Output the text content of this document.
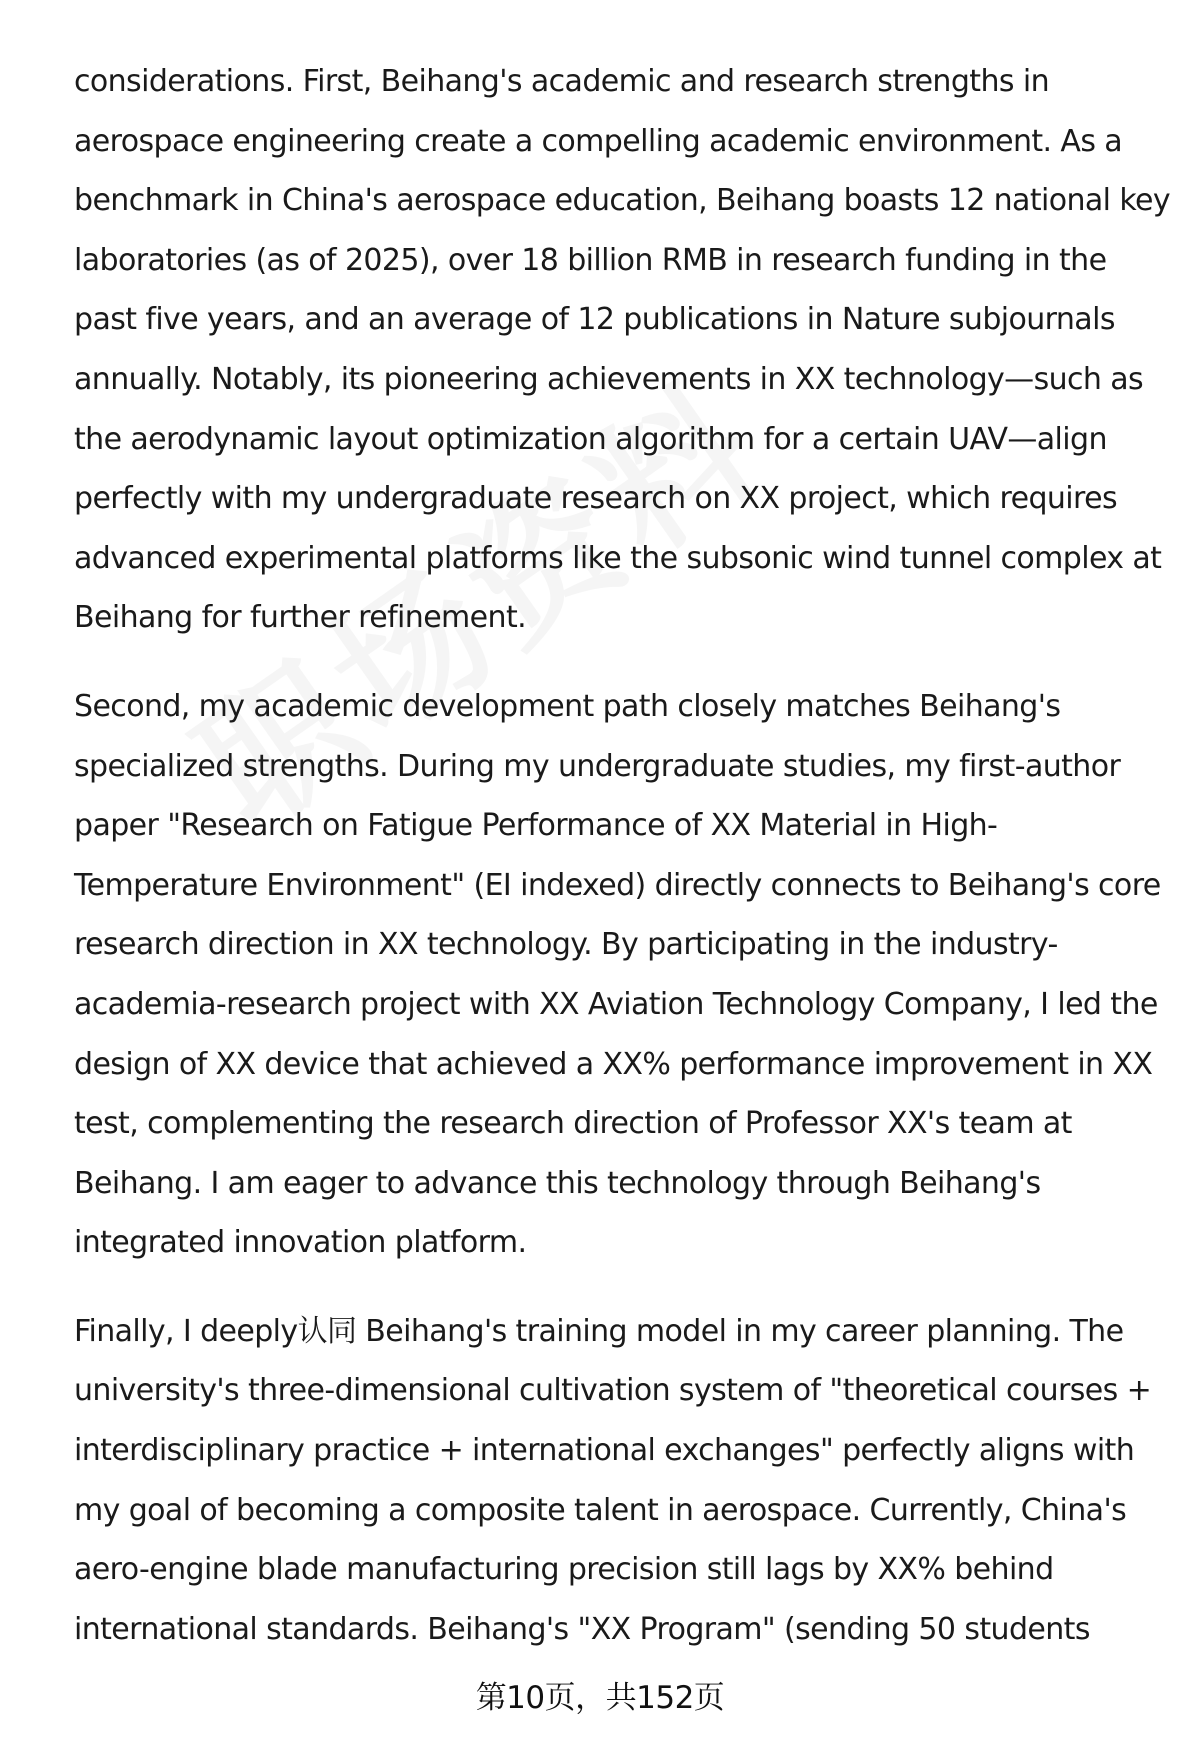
considerations. First, Beihang's academic and research strengths in aerospace engineering create a compelling academic environment. As a benchmark in China's aerospace education, Beihang boasts 12 national key laboratories (as of 2025), over 18 billion RMB in research funding in the past five years, and an average of 12 publications in Nature subjournals annually. Notably, its pioneering achievements in XX technology—such as the aerodynamic layout optimization algorithm for a certain UAV—align perfectly with my undergraduate research on XX project, which requires advanced experimental platforms like the subsonic wind tunnel complex at Beihang for further refinement.

Second, my academic development path closely matches Beihang's specialized strengths. During my undergraduate studies, my first-author paper "Research on Fatigue Performance of XX Material in High-Temperature Environment" (EI indexed) directly connects to Beihang's core research direction in XX technology. By participating in the industry-academia-research project with XX Aviation Technology Company, I led the design of XX device that achieved a XX% performance improvement in XX test, complementing the research direction of Professor XX's team at Beihang. I am eager to advance this technology through Beihang's integrated innovation platform.

Finally, I deeply认同 Beihang's training model in my career planning. The university's three-dimensional cultivation system of "theoretical courses + interdisciplinary practice + international exchanges" perfectly aligns with my goal of becoming a composite talent in aerospace. Currently, China's aero-engine blade manufacturing precision still lags by XX% behind international standards. Beihang's "XX Program" (sending 50 students

第10页，共152页
